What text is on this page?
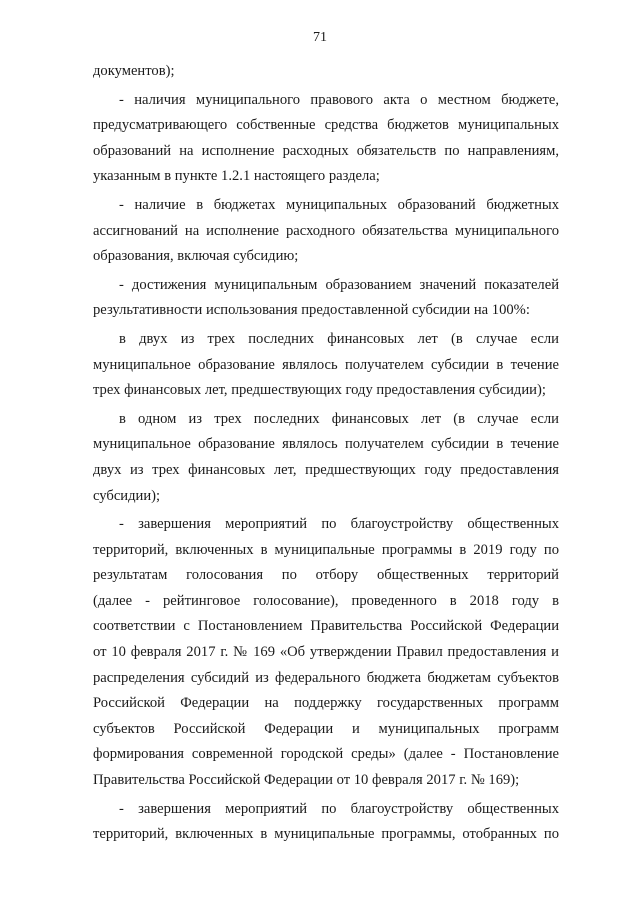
71
документов);
- наличия муниципального правового акта о местном бюджете,
предусматривающего собственные средства бюджетов муниципальных
образований на исполнение расходных обязательств по направлениям,
указанным в пункте 1.2.1 настоящего раздела;
- наличие в бюджетах муниципальных образований бюджетных
ассигнований на исполнение расходного обязательства муниципального
образования, включая субсидию;
- достижения муниципальным образованием значений показателей
результативности использования предоставленной субсидии на 100%:
в двух из трех последних финансовых лет (в случае если
муниципальное образование являлось получателем субсидии в течение
трех финансовых лет, предшествующих году предоставления субсидии);
в одном из трех последних финансовых лет (в случае если
муниципальное образование являлось получателем субсидии в течение
двух из трех финансовых лет, предшествующих году предоставления
субсидии);
- завершения мероприятий по благоустройству общественных
территорий, включенных в муниципальные программы в 2019 году по
результатам голосования по отбору общественных территорий
(далее - рейтинговое голосование), проведенного в 2018 году в
соответствии с Постановлением Правительства Российской Федерации
от 10 февраля 2017 г. № 169 «Об утверждении Правил предоставления и
распределения субсидий из федерального бюджета бюджетам субъектов
Российской Федерации на поддержку государственных программ
субъектов Российской Федерации и муниципальных программ
формирования современной городской среды» (далее - Постановление
Правительства Российской Федерации от 10 февраля 2017 г. № 169);
- завершения мероприятий по благоустройству общественных
территорий, включенных в муниципальные программы, отобранных по
